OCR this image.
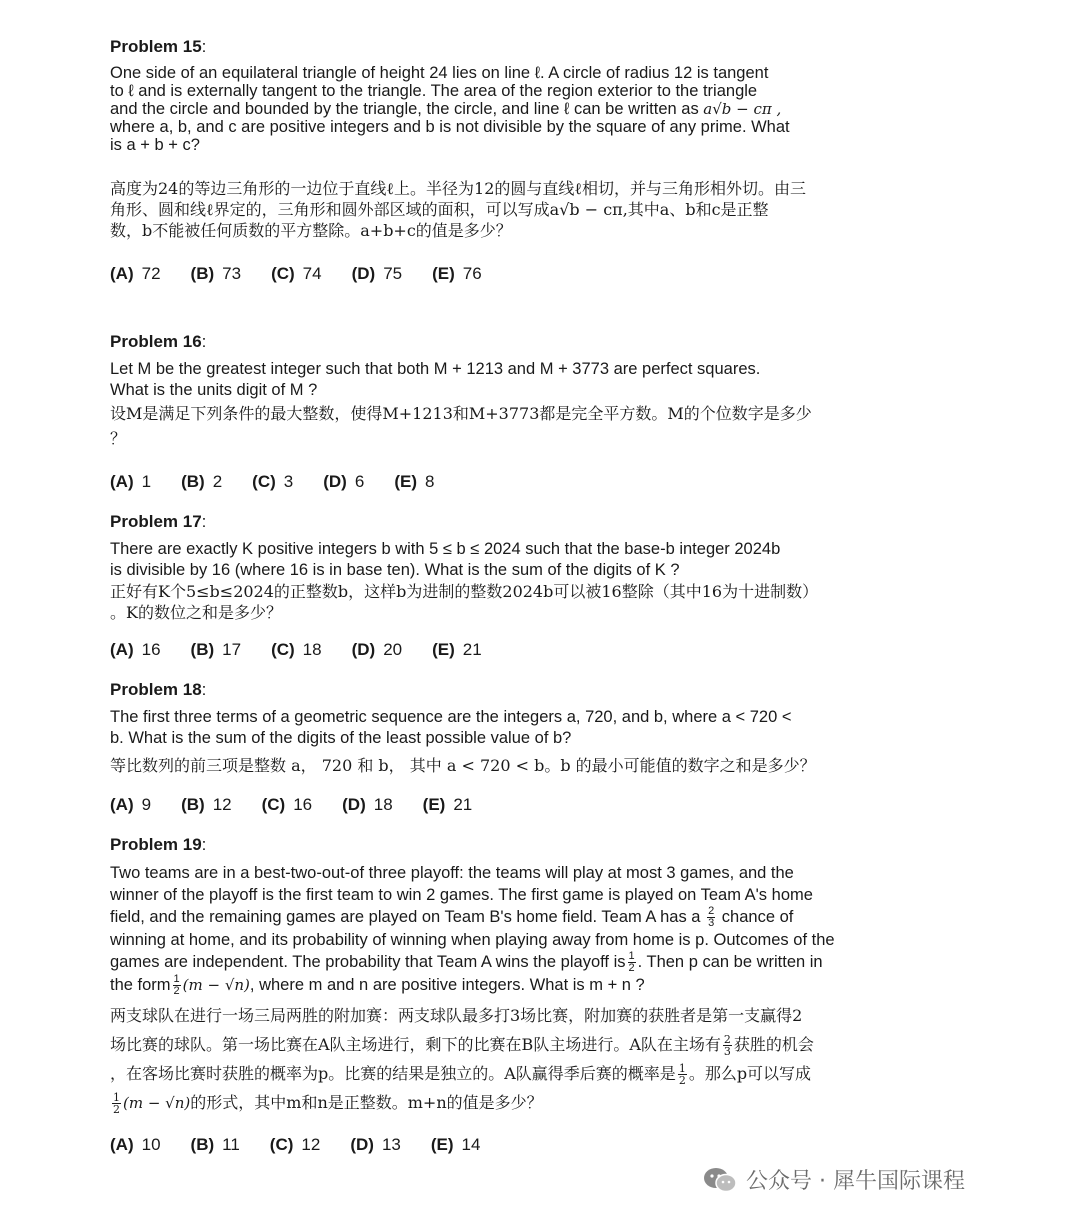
Problem 15:

One side of an equilateral triangle of height 24 lies on line ℓ. A circle of radius 12 is tangent
to ℓ and is externally tangent to the triangle. The area of the region exterior to the triangle
and the circle and bounded by the triangle, the circle, and line ℓ can be written as a√b − cπ ,
where a, b, and c are positive integers and b is not divisible by the square of any prime. What
is a + b + c?

高度为24的等边三角形的一边位于直线ℓ上。半径为12的圆与直线ℓ相切，并与三角形相外切。由三
角形、圆和线ℓ界定的，三角形和圆外部区域的面积，可以写成a√b − cπ,其中a、b和c是正整
数，b不能被任何质数的平方整除。a+b+c的值是多少？

(A) 72 (B) 73 (C) 74 (D) 75 (E) 76

Problem 16:

Let M be the greatest integer such that both M + 1213 and M + 3773 are perfect squares.
What is the units digit of M ?

设M是满足下列条件的最大整数，使得M+1213和M+3773都是完全平方数。M的个位数字是多少
？

(A) 1 (B) 2 (C) 3 (D) 6 (E) 8

Problem 17:

There are exactly K positive integers b with 5 ≤ b ≤ 2024 such that the base-b integer 2024b
is divisible by 16 (where 16 is in base ten). What is the sum of the digits of K ?

正好有K个5≤b≤2024的正整数b，这样b为进制的整数2024b可以被16整除（其中16为十进制数）
。K的数位之和是多少？

(A) 16 (B) 17 (C) 18 (D) 20 (E) 21

Problem 18:

The first three terms of a geometric sequence are the integers a, 720, and b, where a < 720 <
b. What is the sum of the digits of the least possible value of b?

等比数列的前三项是整数 a， 720 和 b， 其中 a < 720 < b。b 的最小可能值的数字之和是多少？

(A) 9 (B) 12 (C) 16 (D) 18 (E) 21

Problem 19:

Two teams are in a best-two-out-of three playoff: the teams will play at most 3 games, and the
winner of the playoff is the first team to win 2 games. The first game is played on Team A's home
field, and the remaining games are played on Team B's home field. Team A has a $\frac{2}{3}$ chance of
winning at home, and its probability of winning when playing away from home is p. Outcomes of the
games are independent. The probability that Team A wins the playoff is $\frac{1}{2}$ . Then p can be written in
the form $\frac{1}{2} (m - √n)$, where m and n are positive integers. What is m + n ?

两支球队在进行一场三局两胜的附加赛：两支球队最多打3场比赛，附加赛的获胜者是第一支赢得2
场比赛的球队。第一场比赛在A队主场进行，剩下的比赛在B队主场进行。A队在主场有 $\frac{2}{3}$ 获胜的机会
，在客场比赛时获胜的概率为p。比赛的结果是独立的。A队赢得季后赛的概率是 $\frac{1}{2}$ 。那么p可以写成

$\frac{1}{2} (m - √n)$的形式，其中m和n是正整数。m+n的值是多少？

(A) 10 (B) 11 (C) 12 (D) 13 (E) 14
公众号 · 犀牛国际课程
